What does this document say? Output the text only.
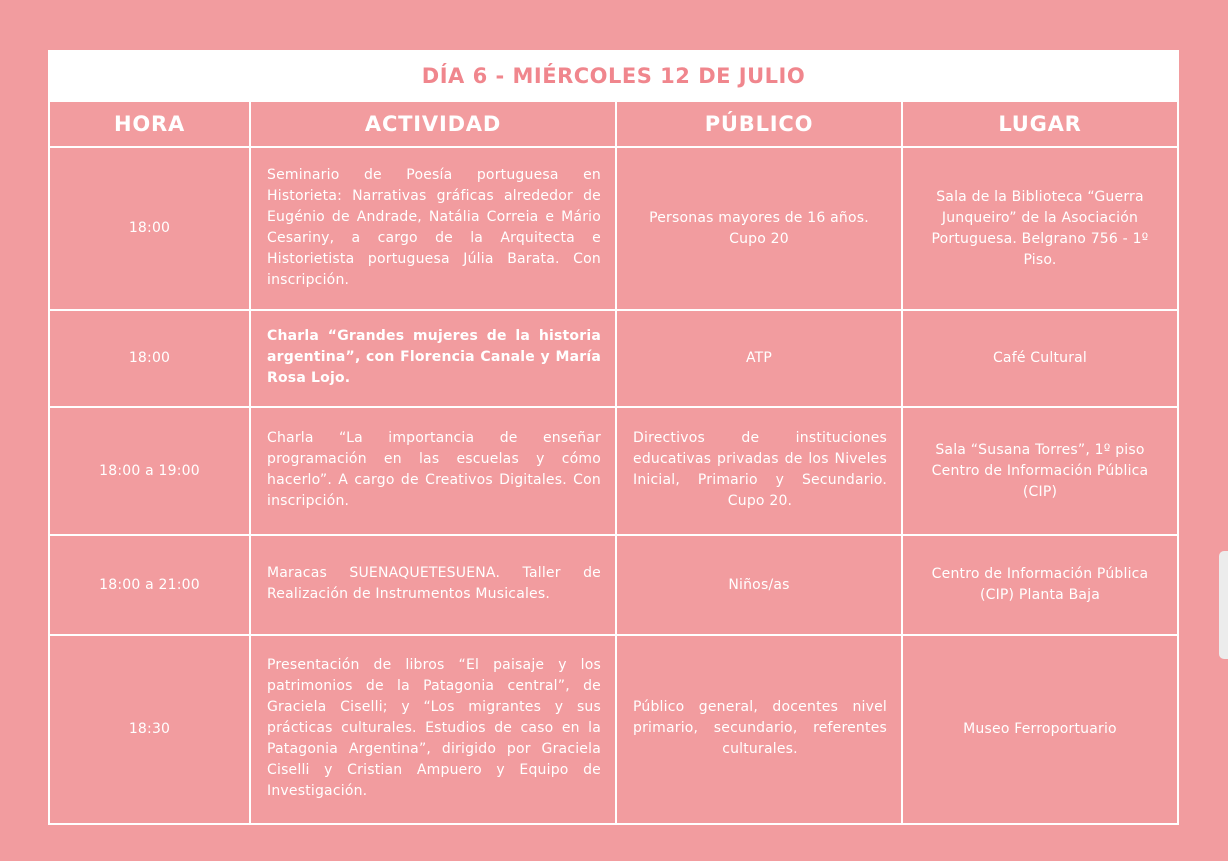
DÍA 6 - MIÉRCOLES 12 DE JULIO
HORA	ACTIVIDAD	PÚBLICO	LUGAR
18:00	Seminario de Poesía portuguesa en Historieta: Narrativas gráficas alrededor de Eugénio de Andrade, Natália Correia e Mário Cesariny, a cargo de la Arquitecta e Historietista portuguesa Júlia Barata. Con inscripción.	Personas mayores de 16 años. Cupo 20	Sala de la Biblioteca “Guerra Junqueiro” de la Asociación Portuguesa. Belgrano 756 - 1º Piso.
18:00	Charla “Grandes mujeres de la historia argentina”, con Florencia Canale y María Rosa Lojo.	ATP	Café Cultural
18:00 a 19:00	Charla “La importancia de enseñar programación en las escuelas y cómo hacerlo”. A cargo de Creativos Digitales. Con inscripción.	Directivos de instituciones educativas privadas de los Niveles Inicial, Primario y Secundario. Cupo 20.	Sala “Susana Torres”, 1º piso Centro de Información Pública (CIP)
18:00 a 21:00	Maracas SUENAQUETESUENA. Taller de Realización de Instrumentos Musicales.	Niños/as	Centro de Información Pública (CIP) Planta Baja
18:30	Presentación de libros “El paisaje y los patrimonios de la Patagonia central”, de Graciela Ciselli; y “Los migrantes y sus prácticas culturales. Estudios de caso en la Patagonia Argentina”, dirigido por Graciela Ciselli y Cristian Ampuero y Equipo de Investigación.	Público general, docentes nivel primario, secundario, referentes culturales.	Museo Ferroportuario
